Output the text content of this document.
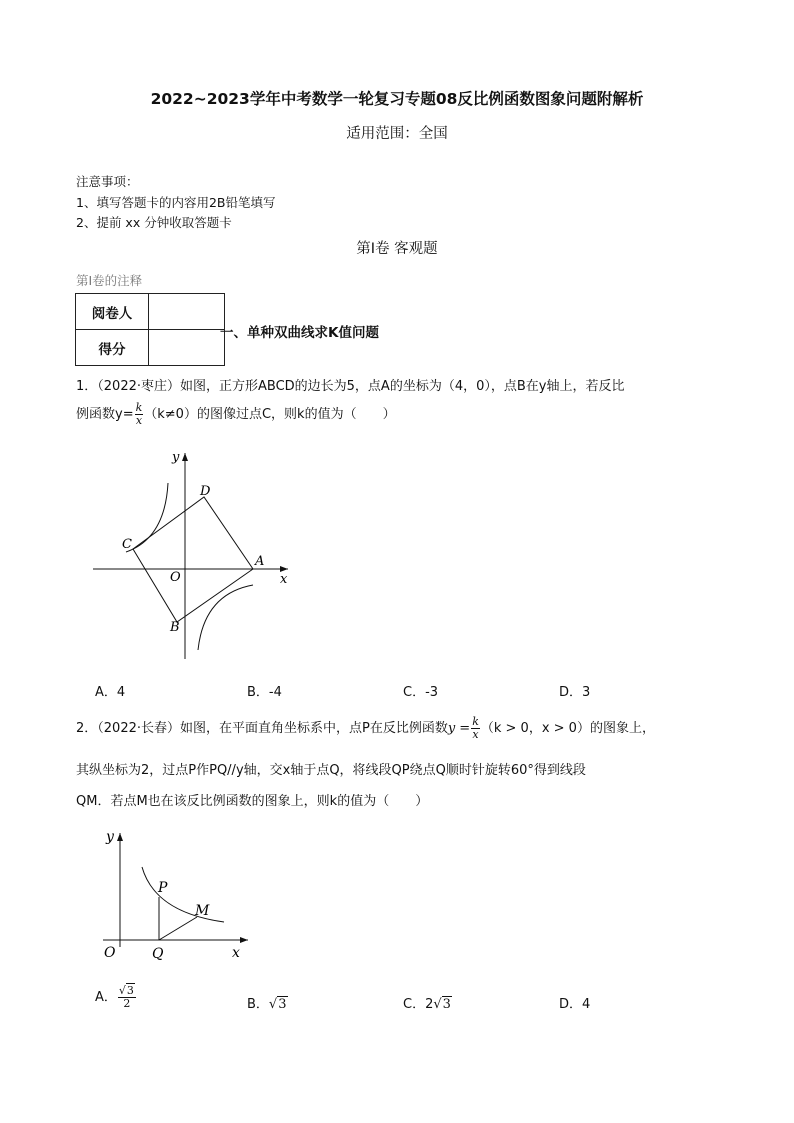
2022~2023学年中考数学一轮复习专题08反比例函数图象问题附解析
适用范围：全国
注意事项：
1、填写答题卡的内容用2B铅笔填写
2、提前 xx 分钟收取答题卡
第I卷 客观题
第I卷的注释
阅卷人	
得分	
一、单种双曲线求K值问题
1．（2022·枣庄）如图，正方形ABCD的边长为5，点A的坐标为（4，0），点B在y轴上，若反比
例函数$y= \frac{k}{x} (k\ne 0)$的图像过点C，则k的值为（　　）
y
x
O
A
B
C
D
A．4	B．-4	C．-3	D．3
2．（2022·长春）如图，在平面直角坐标系中，点P在反比例函数$y = \frac{k}{x} (k > 0$，x > 0）的图象上，
其纵坐标为2，过点P作PQ//y轴，交x轴于点Q，将线段QP绕点Q顺时针旋转60°得到线段
QM．若点M也在该反比例函数的图象上，则k的值为（　　）
y
x
O	Q
P
M
A． $\frac{√3}{2}$	B．√3	C．2√3	D．4
